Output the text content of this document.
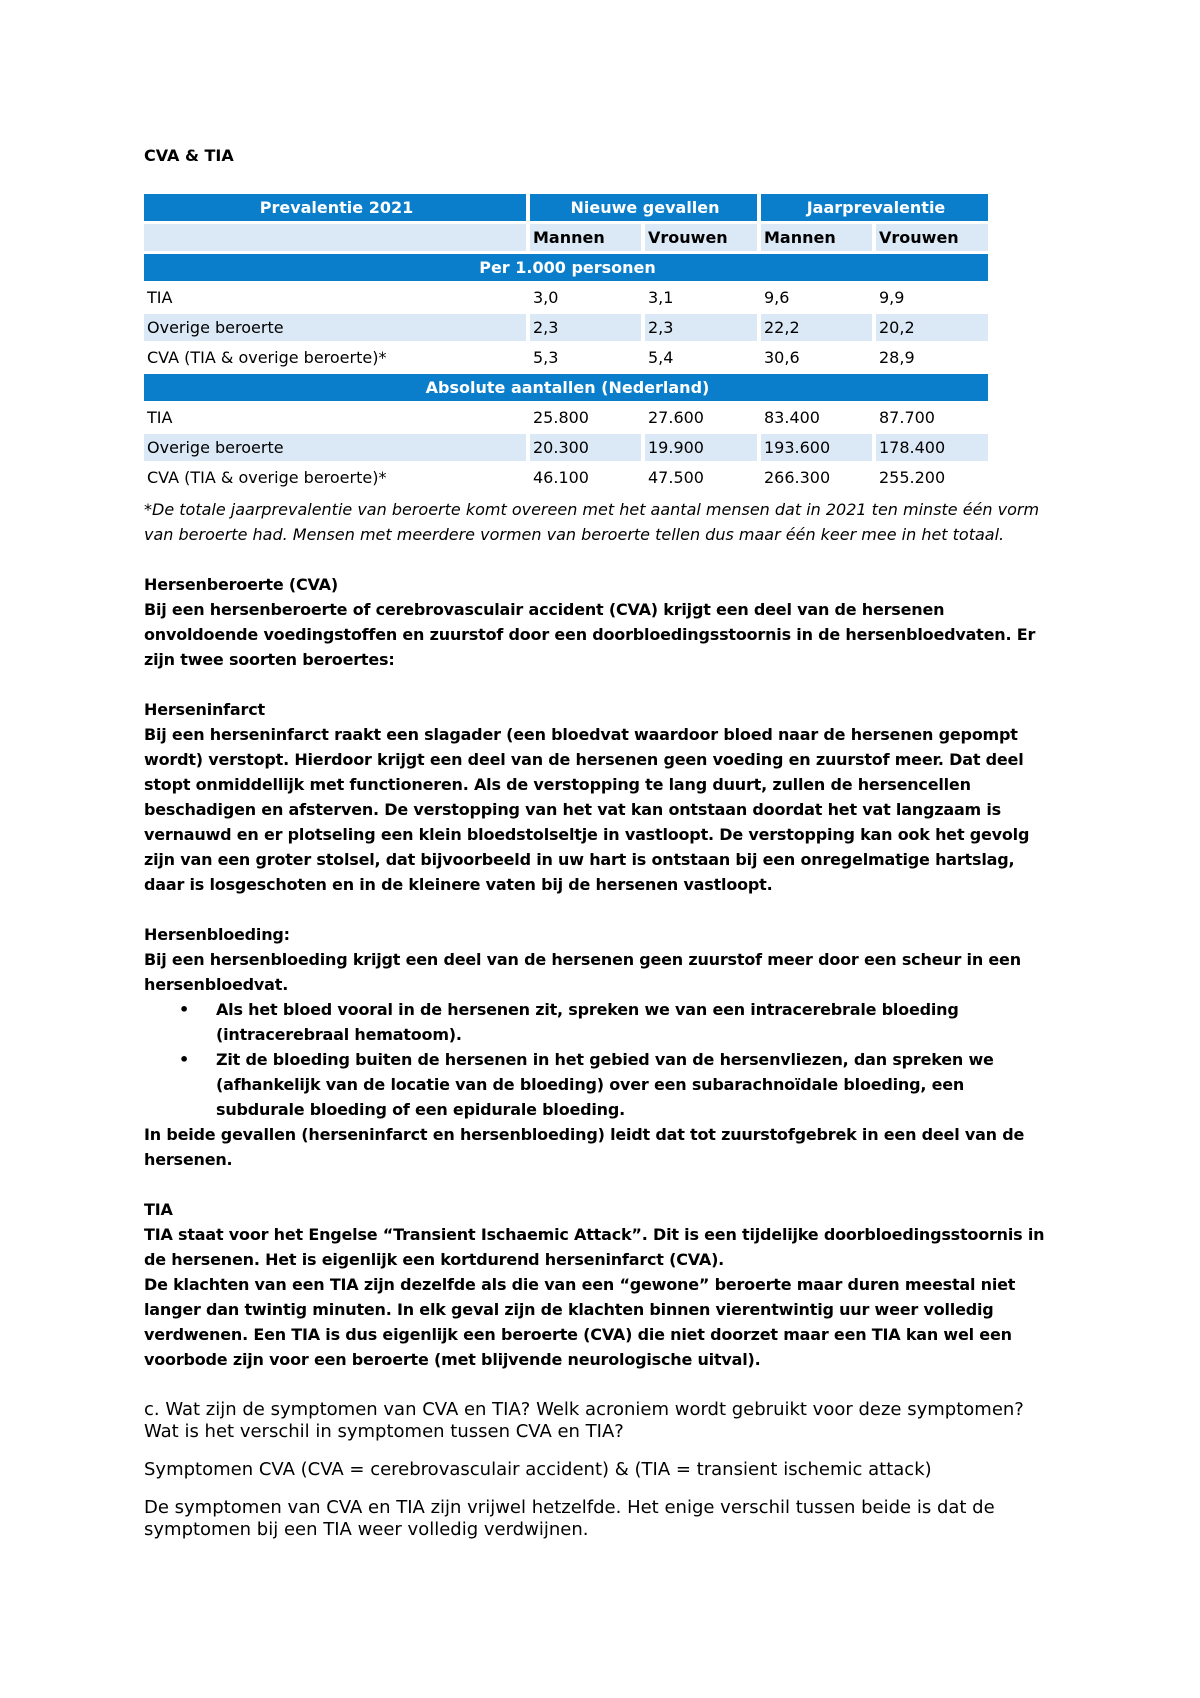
CVA & TIA
Prevalentie 2021	Nieuwe gevallen		Jaarprevalentie	
	Mannen	Vrouwen	Mannen	Vrouwen
Per 1.000 personen				
TIA	3,0	3,1	9,6	9,9
Overige beroerte	2,3	2,3	22,2	20,2
CVA (TIA & overige beroerte)*	5,3	5,4	30,6	28,9
Absolute aantallen (Nederland)				
TIA	25.800	27.600	83.400	87.700
Overige beroerte	20.300	19.900	193.600	178.400
CVA (TIA & overige beroerte)*	46.100	47.500	266.300	255.200

*De totale jaarprevalentie van beroerte komt overeen met het aantal mensen dat in 2021 ten minste één vorm van beroerte had. Mensen met meerdere vormen van beroerte tellen dus maar één keer mee in het totaal.

Hersenberoerte (CVA)
Bij een hersenberoerte of cerebrovasculair accident (CVA) krijgt een deel van de hersenen onvoldoende voedingstoffen en zuurstof door een doorbloedingsstoornis in de hersenbloedvaten. Er zijn twee soorten beroertes:
Herseninfarct
Bij een herseninfarct raakt een slagader (een bloedvat waardoor bloed naar de hersenen gepompt wordt) verstopt. Hierdoor krijgt een deel van de hersenen geen voeding en zuurstof meer. Dat deel stopt onmiddellijk met functioneren. Als de verstopping te lang duurt, zullen de hersencellen beschadigen en afsterven. De verstopping van het vat kan ontstaan doordat het vat langzaam is vernauwd en er plotseling een klein bloedstolseltje in vastloopt. De verstopping kan ook het gevolg zijn van een groter stolsel, dat bijvoorbeeld in uw hart is ontstaan bij een onregelmatige hartslag, daar is losgeschoten en in de kleinere vaten bij de hersenen vastloopt.
Hersenbloeding:
Bij een hersenbloeding krijgt een deel van de hersenen geen zuurstof meer door een scheur in een hersenbloedvat.
• Als het bloed vooral in de hersenen zit, spreken we van een intracerebrale bloeding (intracerebraal hematoom).
• Zit de bloeding buiten de hersenen in het gebied van de hersenvliezen, dan spreken we (afhankelijk van de locatie van de bloeding) over een subarachnoïdale bloeding, een subdurale bloeding of een epidurale bloeding.
In beide gevallen (herseninfarct en hersenbloeding) leidt dat tot zuurstofgebrek in een deel van de hersenen.
TIA
TIA staat voor het Engelse “Transient Ischaemic Attack”. Dit is een tijdelijke doorbloedingsstoornis in de hersenen. Het is eigenlijk een kortdurend herseninfarct (CVA).
De klachten van een TIA zijn dezelfde als die van een “gewone” beroerte maar duren meestal niet langer dan twintig minuten. In elk geval zijn de klachten binnen vierentwintig uur weer volledig verdwenen. Een TIA is dus eigenlijk een beroerte (CVA) die niet doorzet maar een TIA kan wel een voorbode zijn voor een beroerte (met blijvende neurologische uitval).

c. Wat zijn de symptomen van CVA en TIA? Welk acroniem wordt gebruikt voor deze symptomen? Wat is het verschil in symptomen tussen CVA en TIA?

Symptomen CVA (CVA = cerebrovasculair accident) & (TIA = transient ischemic attack)

De symptomen van CVA en TIA zijn vrijwel hetzelfde. Het enige verschil tussen beide is dat de symptomen bij een TIA weer volledig verdwijnen.
